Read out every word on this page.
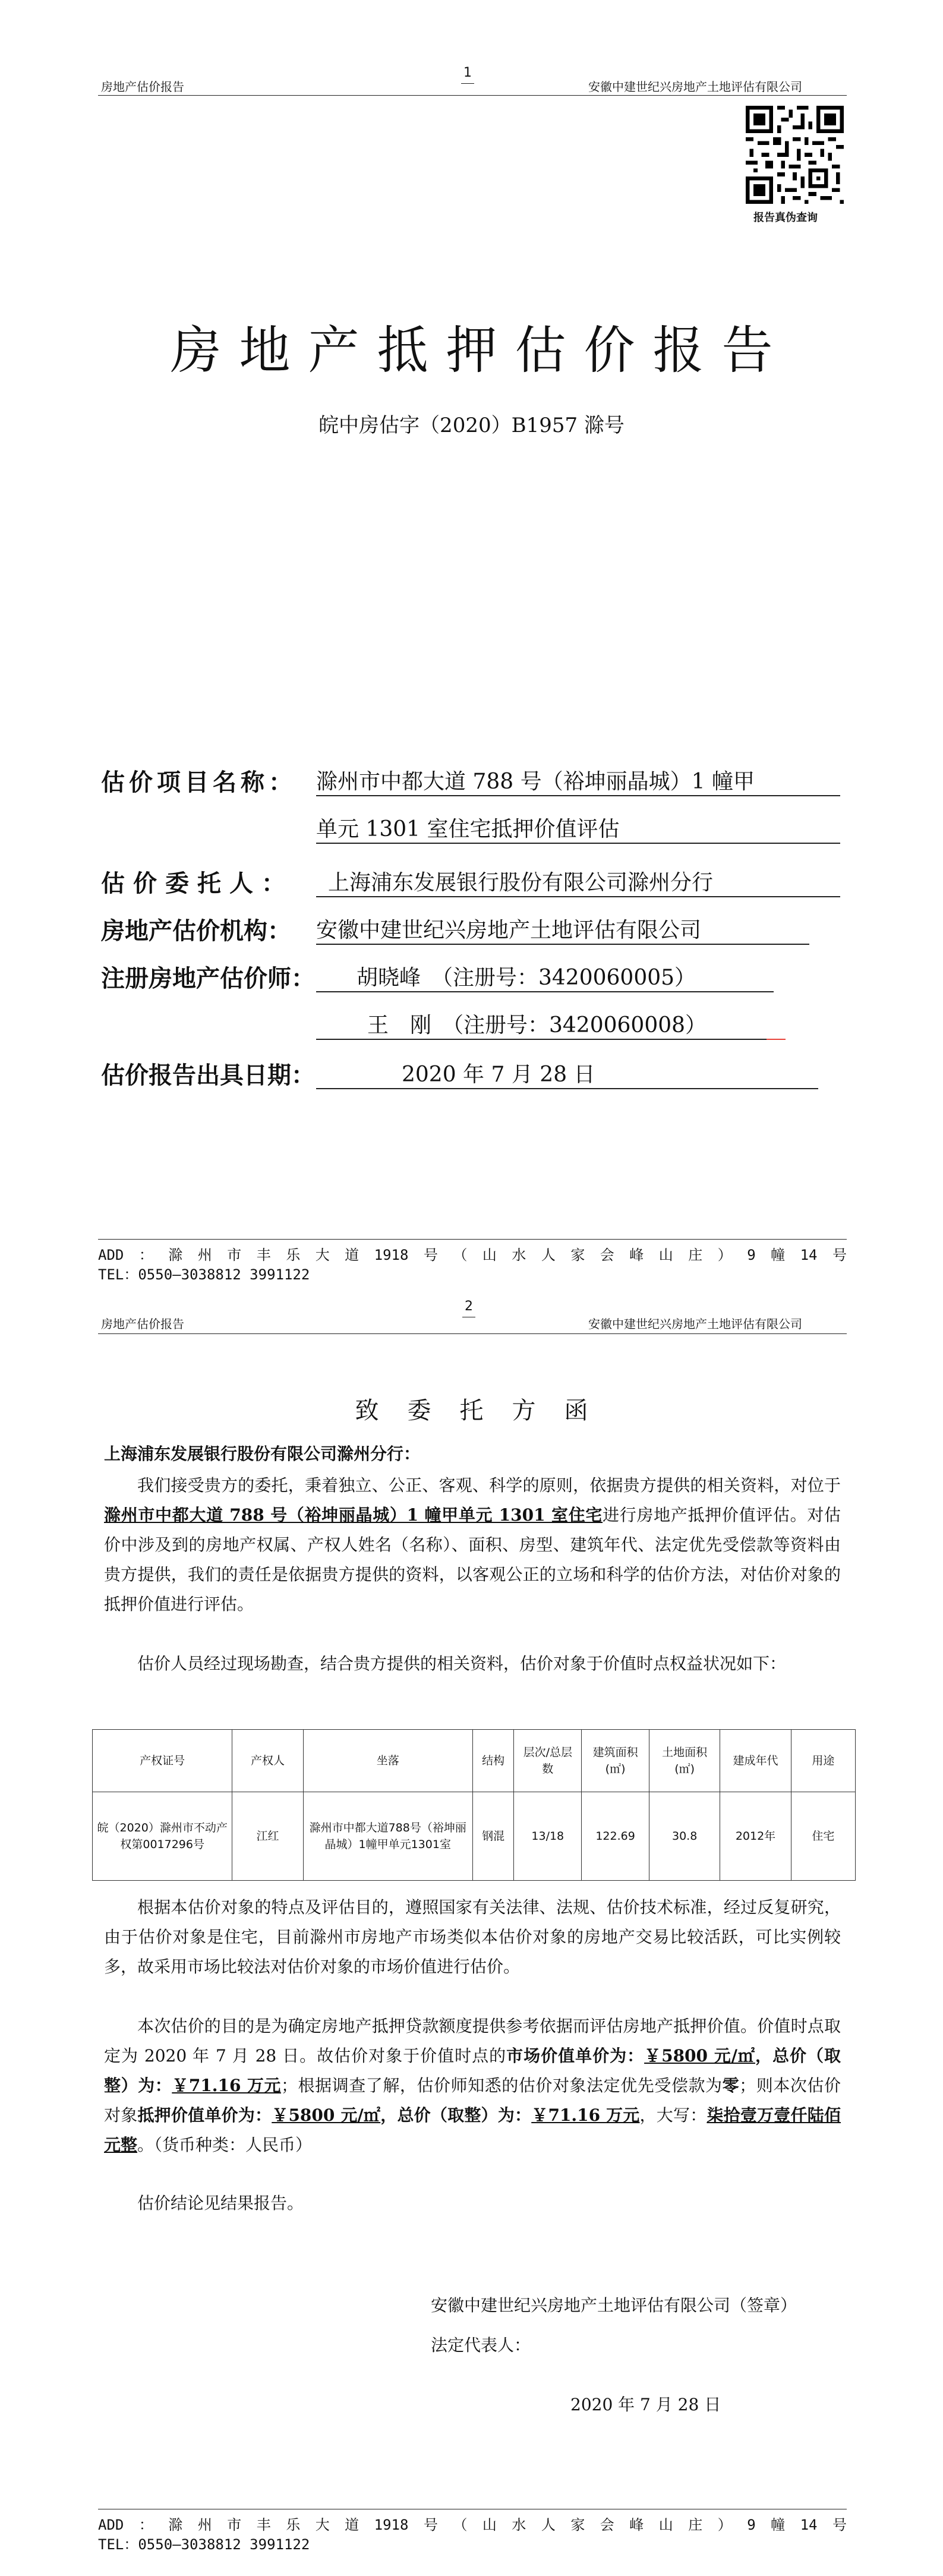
房地产估价报告
1
安徽中建世纪兴房地产土地评估有限公司
报告真伪查询
房地产抵押估价报告
皖中房估字（2020）B1957 滁号
估价项目名称： 滁州市中都大道 788 号（裕坤丽晶城）1 幢甲
单元 1301 室住宅抵押价值评估
估价委托人：	上海浦东发展银行股份有限公司滁州分行
房地产估价机构： 安徽中建世纪兴房地产土地评估有限公司
注册房地产估价师：	胡晓峰　（注册号：3420060005）
王　刚　（注册号：3420060008）
估价报告出具日期：	2020 年 7 月 28 日
ADD：滁州市丰乐大道1918号（山水人家会峰山庄）9幢14号
TEL：0550—3038812 3991122
房地产估价报告
2
安徽中建世纪兴房地产土地评估有限公司
致委托方函
上海浦东发展银行股份有限公司滁州分行：
我们接受贵方的委托，秉着独立、公正、客观、科学的原则，依据贵方提供的相关资料，对位于滁州市中都大道 788 号（裕坤丽晶城）1 幢甲单元 1301 室住宅进行房地产抵押价值评估。对估价中涉及到的房地产权属、产权人姓名（名称）、面积、房型、建筑年代、法定优先受偿款等资料由贵方提供，我们的责任是依据贵方提供的资料，以客观公正的立场和科学的估价方法，对估价对象的抵押价值进行评估。
估价人员经过现场勘查，结合贵方提供的相关资料，估价对象于价值时点权益状况如下：
产权证号	产权人	坐落	结构	层次/总层数	建筑面积(㎡)	土地面积(㎡)	建成年代	用途
皖（2020）滁州市不动产权第0017296号	江红	滁州市中都大道788号（裕坤丽晶城）1幢甲单元1301室	钢混	13/18	122.69	30.8	2012年	住宅
根据本估价对象的特点及评估目的，遵照国家有关法律、法规、估价技术标准，经过反复研究，由于估价对象是住宅，目前滁州市房地产市场类似本估价对象的房地产交易比较活跃，可比实例较多，故采用市场比较法对估价对象的市场价值进行估价。
本次估价的目的是为确定房地产抵押贷款额度提供参考依据而评估房地产抵押价值。价值时点取定为 2020 年 7 月 28 日。故估价对象于价值时点的市场价值单价为：￥5800 元/㎡，总价（取整）为：￥71.16 万元；根据调查了解，估价师知悉的估价对象法定优先受偿款为零；则本次估价对象抵押价值单价为：￥5800 元/㎡，总价（取整）为：￥71.16 万元，大写：柒拾壹万壹仟陆佰元整。（货币种类：人民币）
估价结论见结果报告。
安徽中建世纪兴房地产土地评估有限公司（签章）
法定代表人：
2020 年 7 月 28 日
ADD：滁州市丰乐大道1918号（山水人家会峰山庄）9幢14号
TEL：0550—3038812 3991122
